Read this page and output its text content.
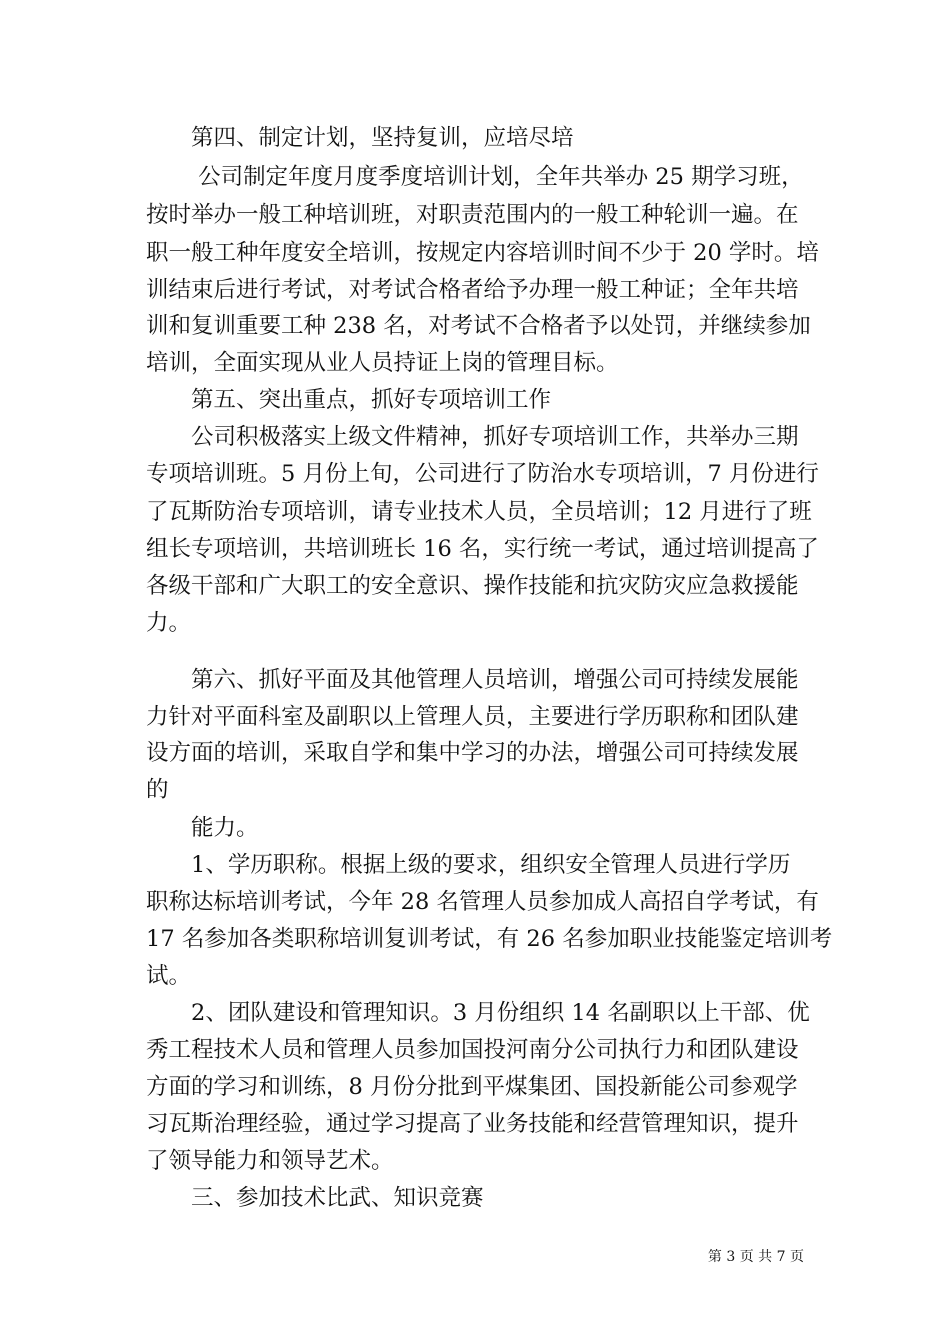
　　第四、制定计划，坚持复训，应培尽培
　　 公司制定年度月度季度培训计划，全年共举办 25 期学习班，
按时举办一般工种培训班，对职责范围内的一般工种轮训一遍。在
职一般工种年度安全培训，按规定内容培训时间不少于 20 学时。培
训结束后进行考试，对考试合格者给予办理一般工种证；全年共培
训和复训重要工种 238 名，对考试不合格者予以处罚，并继续参加
培训，全面实现从业人员持证上岗的管理目标。
　　第五、突出重点，抓好专项培训工作
　　公司积极落实上级文件精神，抓好专项培训工作，共举办三期
专项培训班。5 月份上旬，公司进行了防治水专项培训，7 月份进行
了瓦斯防治专项培训，请专业技术人员，全员培训；12 月进行了班
组长专项培训，共培训班长 16 名，实行统一考试，通过培训提高了
各级干部和广大职工的安全意识、操作技能和抗灾防灾应急救援能
力。
　　第六、抓好平面及其他管理人员培训，增强公司可持续发展能
力针对平面科室及副职以上管理人员，主要进行学历职称和团队建
设方面的培训，采取自学和集中学习的办法，增强公司可持续发展
的
　　能力。
　　1、学历职称。根据上级的要求，组织安全管理人员进行学历
职称达标培训考试，今年 28 名管理人员参加成人高招自学考试，有
17 名参加各类职称培训复训考试，有 26 名参加职业技能鉴定培训考
试。
　　2、团队建设和管理知识。3 月份组织 14 名副职以上干部、优
秀工程技术人员和管理人员参加国投河南分公司执行力和团队建设
方面的学习和训练，8 月份分批到平煤集团、国投新能公司参观学
习瓦斯治理经验，通过学习提高了业务技能和经营管理知识，提升
了领导能力和领导艺术。
　　三、参加技术比武、知识竞赛
第 3 页 共 7 页
